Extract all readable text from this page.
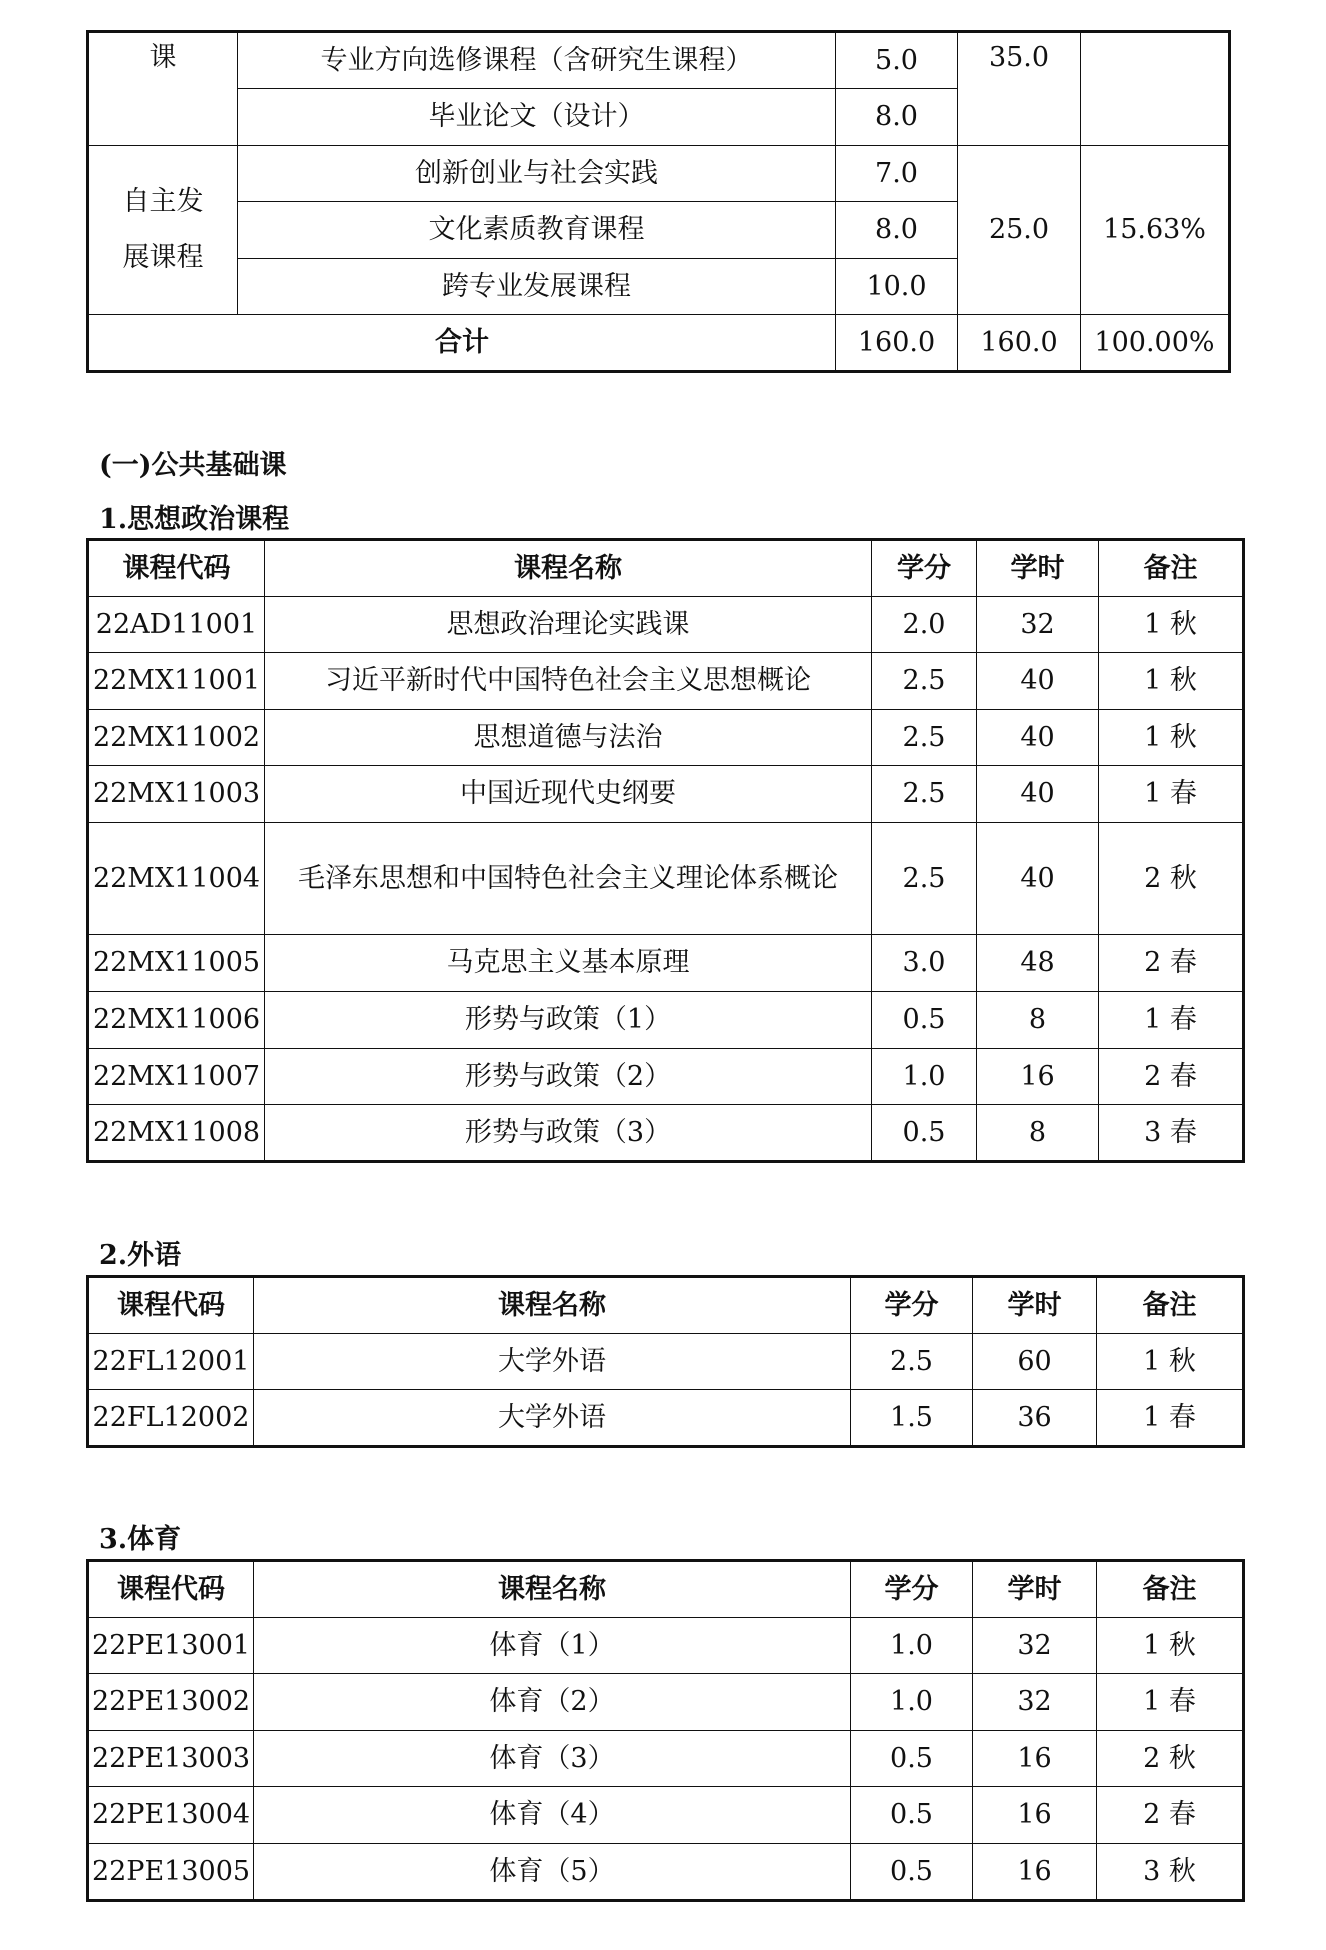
课	专业方向选修课程（含研究生课程）	5.0	35.0	
	毕业论文（设计）	8.0		
自主发展课程	创新创业与社会实践	7.0	25.0	15.63%
	文化素质教育课程	8.0		
	跨专业发展课程	10.0		
合计		160.0	160.0	100.00%
(一)公共基础课
1.思想政治课程
课程代码	课程名称	学分	学时	备注
22AD11001	思想政治理论实践课	2.0	32	1 秋
22MX11001	习近平新时代中国特色社会主义思想概论	2.5	40	1 秋
22MX11002	思想道德与法治	2.5	40	1 秋
22MX11003	中国近现代史纲要	2.5	40	1 春
22MX11004	毛泽东思想和中国特色社会主义理论体系概论	2.5	40	2 秋
22MX11005	马克思主义基本原理	3.0	48	2 春
22MX11006	形势与政策（1）	0.5	8	1 春
22MX11007	形势与政策（2）	1.0	16	2 春
22MX11008	形势与政策（3）	0.5	8	3 春
2.外语
课程代码	课程名称	学分	学时	备注
22FL12001	大学外语	2.5	60	1 秋
22FL12002	大学外语	1.5	36	1 春
3.体育
课程代码	课程名称	学分	学时	备注
22PE13001	体育（1）	1.0	32	1 秋
22PE13002	体育（2）	1.0	32	1 春
22PE13003	体育（3）	0.5	16	2 秋
22PE13004	体育（4）	0.5	16	2 春
22PE13005	体育（5）	0.5	16	3 秋
